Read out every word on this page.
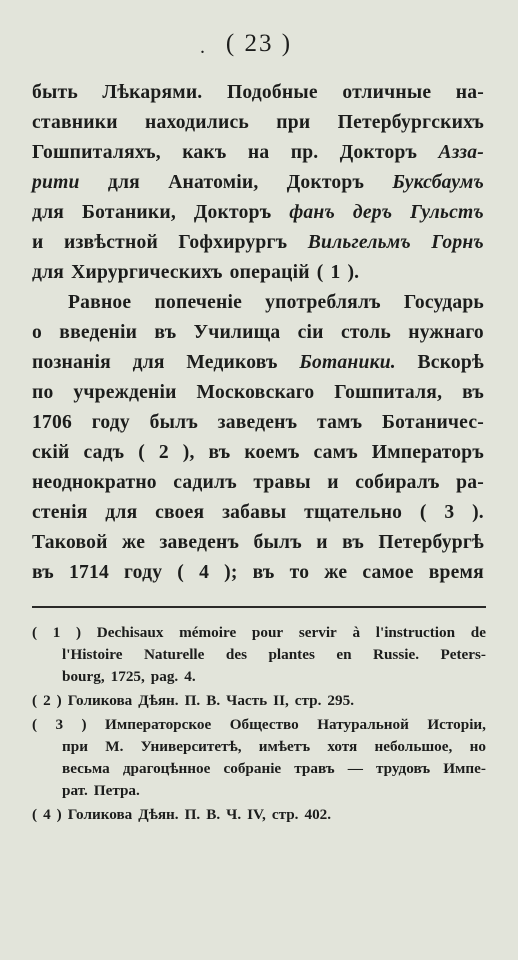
. ( 23 )
быть Лѣкарями. Подобные отличные на-
ставники находились при Петербургскихъ
Гошпиталяхъ, какъ на пр. Докторъ Азза-
рити для Анатоміи, Докторъ Буксбаумъ
для Ботаники, Докторъ фанъ деръ Гульстъ
и извѣстной Гофхирургъ Вильгельмъ Горнъ
для Хирургическихъ операцій ( 1 ).
Равное попеченіе употреблялъ Государь
о введеніи въ Училища сіи столь нужнаго
познанія для Медиковъ Ботаники. Вскорѣ
по учрежденіи Московскаго Гошпиталя, въ
1706 году былъ заведенъ тамъ Ботаничес-
скій садъ ( 2 ), въ коемъ самъ Императоръ
неоднократно садилъ травы и собиралъ ра-
стенія для своея забавы тщательно ( 3 ).
Таковой же заведенъ былъ и въ Петербургѣ
въ 1714 году ( 4 ); въ то же самое время
( 1 ) Dechisaux mémoire pour servir à l'instruction de
l'Histoire Naturelle des plantes en Russie. Peters-
bourg, 1725, pag. 4.
( 2 ) Голикова Дѣян. П. В. Часть II, стр. 295.
( 3 ) Императорское Общество Натуральной Исторіи,
при М. Университетѣ, имѣетъ хотя небольшое, но
весьма драгоцѣнное собраніе травъ — трудовъ Импе-
рат. Петра.
( 4 ) Голикова Дѣян. П. В. Ч. IV, стр. 402.
